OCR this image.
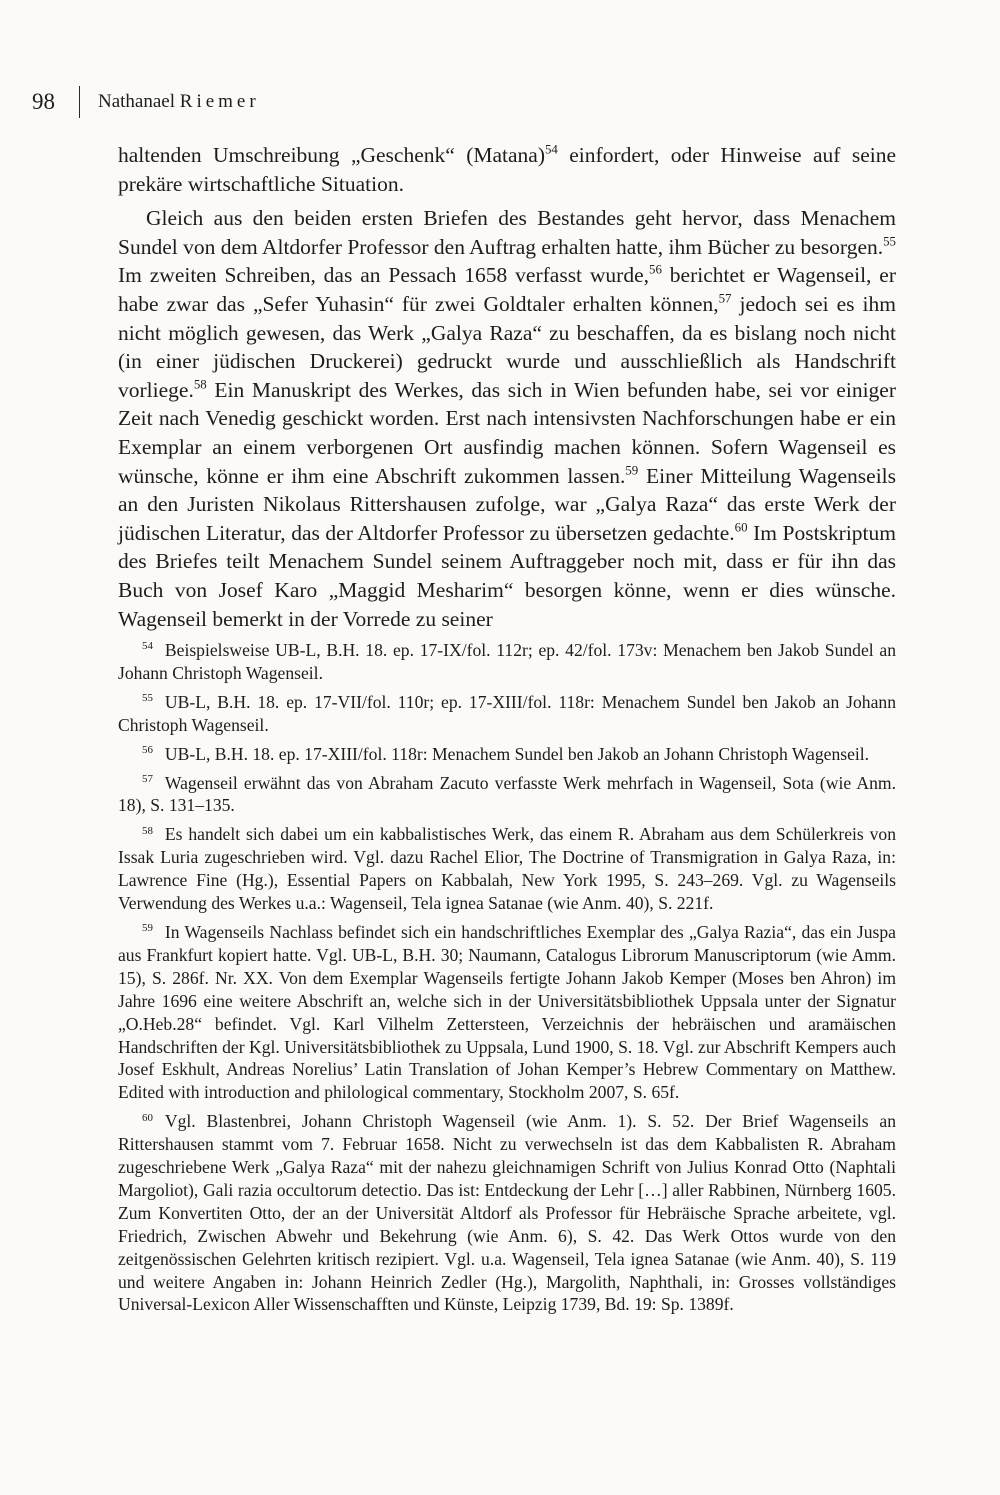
98 Nathanael Riemer

haltenden Umschreibung „Geschenk“ $(Matana)^{54}$ einfordert, oder Hinweise auf seine prekäre wirtschaftliche Situation.

Gleich aus den beiden ersten Briefen des Bestandes geht hervor, dass Menachem Sundel von dem Altdorfer Professor den Auftrag erhalten hatte, ihm Bücher zu besorgen.$^{55}$ Im zweiten Schreiben, das an Pessach 1658 verfasst wurde,$^{56}$ berichtet er Wagenseil, er habe zwar das „Sefer Yuhasin“ für zwei Goldtaler erhalten können,$^{57}$ jedoch sei es ihm nicht möglich gewesen, das Werk „Galya Raza“ zu beschaffen, da es bislang noch nicht (in einer jüdischen Druckerei) gedruckt wurde und ausschließlich als Handschrift vorliege.$^{58}$ Ein Manuskript des Werkes, das sich in Wien befunden habe, sei vor einiger Zeit nach Venedig geschickt worden. Erst nach intensivsten Nachforschungen habe er ein Exemplar an einem verborgenen Ort ausfindig machen können. Sofern Wagenseil es wünsche, könne er ihm eine Abschrift zukommen lassen.$^{59}$ Einer Mitteilung Wagenseils an den Juristen Nikolaus Rittershausen zufolge, war „Galya Raza“ das erste Werk der jüdischen Literatur, das der Altdorfer Professor zu übersetzen gedachte.$^{60}$ Im Postskriptum des Briefes teilt Menachem Sundel seinem Auftraggeber noch mit, dass er für ihn das Buch von Josef Karo „Maggid Mesharim“ besorgen könne, wenn er dies wünsche. Wagenseil bemerkt in der Vorrede zu seiner

$^{54}$ Beispielsweise UB-L, B.H. 18. ep. 17-IX/fol. 112r; ep. 42/fol. 173v: Menachem ben Jakob Sundel an Johann Christoph Wagenseil.

$^{55}$ UB-L, B.H. 18. ep. 17-VII/fol. 110r; ep. 17-XIII/fol. 118r: Menachem Sundel ben Jakob an Johann Christoph Wagenseil.

$^{56}$ UB-L, B.H. 18. ep. 17-XIII/fol. 118r: Menachem Sundel ben Jakob an Johann Christoph Wagenseil.

$^{57}$ Wagenseil erwähnt das von Abraham Zacuto verfasste Werk mehrfach in Wagenseil, Sota (wie Anm. 18), S. 131–135.

$^{58}$ Es handelt sich dabei um ein kabbalistisches Werk, das einem R. Abraham aus dem Schülerkreis von Issak Luria zugeschrieben wird. Vgl. dazu Rachel Elior, The Doctrine of Transmigration in Galya Raza, in: Lawrence Fine (Hg.), Essential Papers on Kabbalah, New York 1995, S. 243–269. Vgl. zu Wagenseils Verwendung des Werkes u.a.: Wagenseil, Tela ignea Satanae (wie Anm. 40), S. 221f.

$^{59}$ In Wagenseils Nachlass befindet sich ein handschriftliches Exemplar des „Galya Razia“, das ein Juspa aus Frankfurt kopiert hatte. Vgl. UB-L, B.H. 30; Naumann, Catalogus Librorum Manuscriptorum (wie Amm. 15), S. 286f. Nr. XX. Von dem Exemplar Wagenseils fertigte Johann Jakob Kemper (Moses ben Ahron) im Jahre 1696 eine weitere Abschrift an, welche sich in der Universitätsbibliothek Uppsala unter der Signatur „O.Heb.28“ befindet. Vgl. Karl Vilhelm Zettersteen, Verzeichnis der hebräischen und aramäischen Handschriften der Kgl. Universitätsbibliothek zu Uppsala, Lund 1900, S. 18. Vgl. zur Abschrift Kempers auch Josef Eskhult, Andreas Norelius’ Latin Translation of Johan Kemper’s Hebrew Commentary on Matthew. Edited with introduction and philological commentary, Stockholm 2007, S. 65f.

$^{60}$ Vgl. Blastenbrei, Johann Christoph Wagenseil (wie Anm. 1). S. 52. Der Brief Wagenseils an Rittershausen stammt vom 7. Februar 1658. Nicht zu verwechseln ist das dem Kabbalisten R. Abraham zugeschriebene Werk „Galya Raza“ mit der nahezu gleichnamigen Schrift von Julius Konrad Otto (Naphtali Margoliot), Gali razia occultorum detectio. Das ist: Entdeckung der Lehr […] aller Rabbinen, Nürnberg 1605. Zum Konvertiten Otto, der an der Universität Altdorf als Professor für Hebräische Sprache arbeitete, vgl. Friedrich, Zwischen Abwehr und Bekehrung (wie Anm. 6), S. 42. Das Werk Ottos wurde von den zeitgenössischen Gelehrten kritisch rezipiert. Vgl. u.a. Wagenseil, Tela ignea Satanae (wie Anm. 40), S. 119 und weitere Angaben in: Johann Heinrich Zedler (Hg.), Margolith, Naphthali, in: Grosses vollständiges Universal-Lexicon Aller Wissenschafften und Künste, Leipzig 1739, Bd. 19: Sp. 1389f.
